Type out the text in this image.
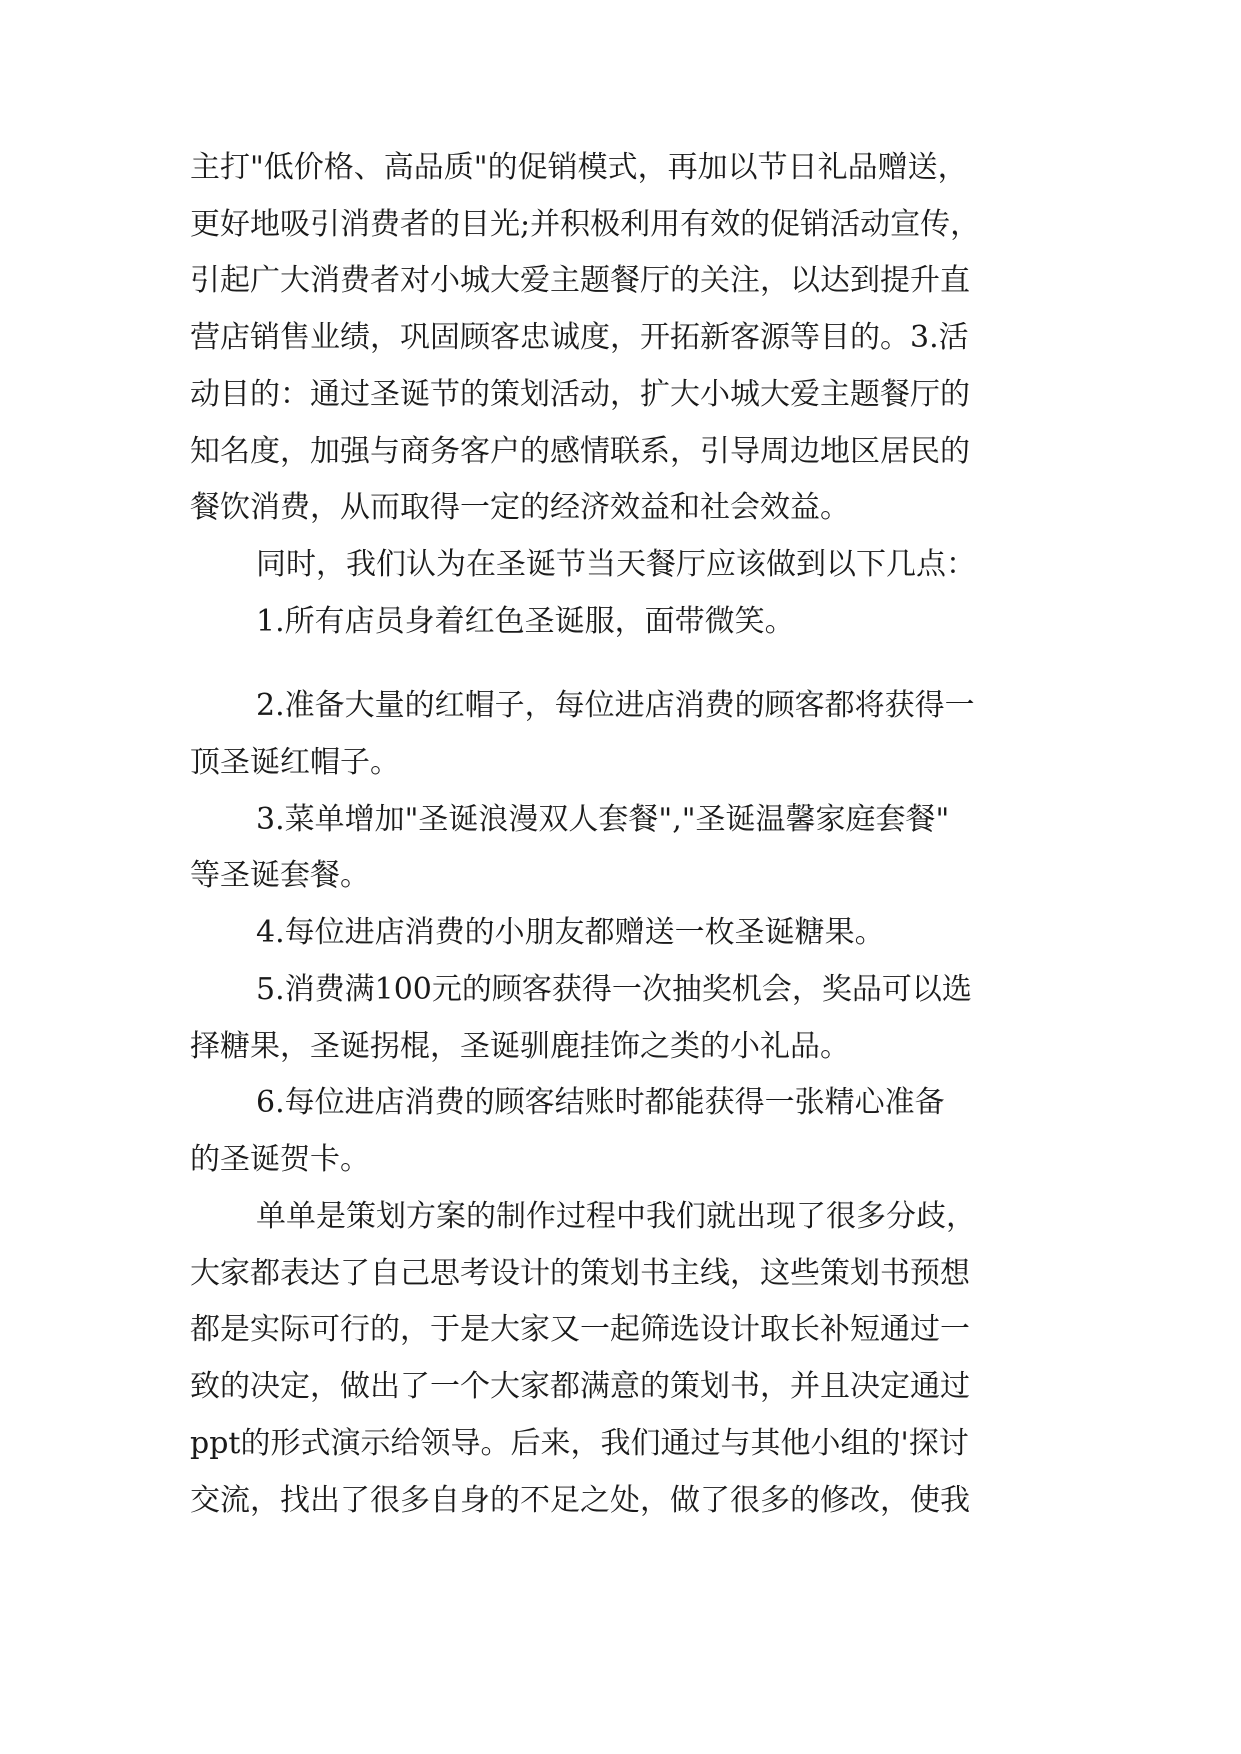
主打"低价格、高品质"的促销模式，再加以节日礼品赠送，

更好地吸引消费者的目光;并积极利用有效的促销活动宣传，

引起广大消费者对小城大爱主题餐厅的关注，以达到提升直

营店销售业绩，巩固顾客忠诚度，开拓新客源等目的。3.活

动目的：通过圣诞节的策划活动，扩大小城大爱主题餐厅的

知名度，加强与商务客户的感情联系，引导周边地区居民的

餐饮消费，从而取得一定的经济效益和社会效益。

同时，我们认为在圣诞节当天餐厅应该做到以下几点：

1.所有店员身着红色圣诞服，面带微笑。

2.准备大量的红帽子，每位进店消费的顾客都将获得一

顶圣诞红帽子。

3.菜单增加"圣诞浪漫双人套餐","圣诞温馨家庭套餐"

等圣诞套餐。

4.每位进店消费的小朋友都赠送一枚圣诞糖果。

5.消费满100元的顾客获得一次抽奖机会，奖品可以选

择糖果，圣诞拐棍，圣诞驯鹿挂饰之类的小礼品。

6.每位进店消费的顾客结账时都能获得一张精心准备

的圣诞贺卡。

单单是策划方案的制作过程中我们就出现了很多分歧，

大家都表达了自己思考设计的策划书主线，这些策划书预想

都是实际可行的，于是大家又一起筛选设计取长补短通过一

致的决定，做出了一个大家都满意的策划书，并且决定通过

ppt的形式演示给领导。后来，我们通过与其他小组的'探讨

交流，找出了很多自身的不足之处，做了很多的修改，使我
